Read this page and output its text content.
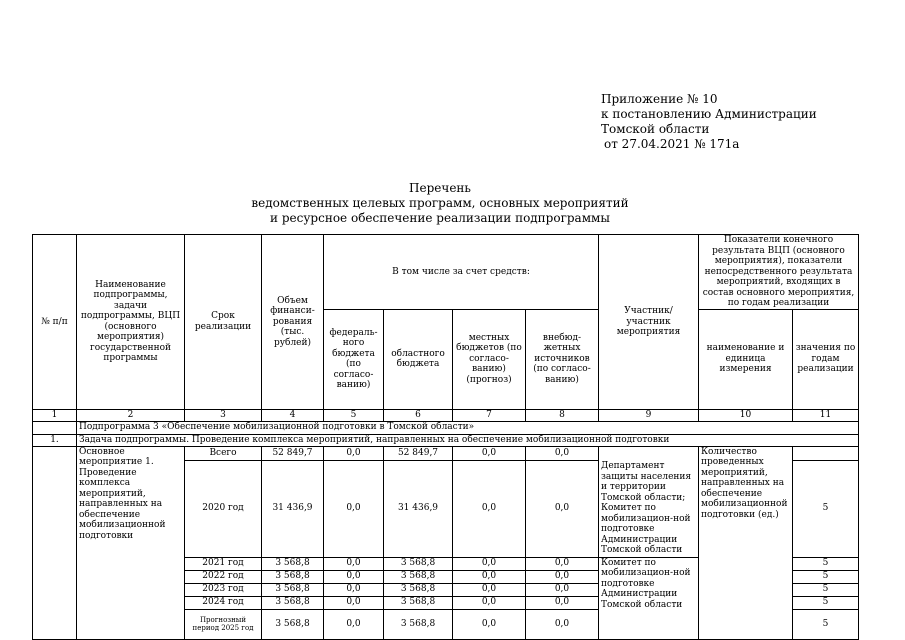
Приложение № 10
к постановлению Администрации
Томской области
от 27.04.2021 № 171а
Перечень
ведомственных целевых программ, основных мероприятий
и ресурсное обеспечение реализации подпрограммы
№ п/п	Наименование подпрограммы, задачи подпрограммы, ВЦП (основного мероприятия) государственной программы	Срок реализации	Объем финанси-рования (тыс. рублей)	В том числе за счет средств:				Участник/ участник мероприятия	Показатели конечного результата ВЦП (основного мероприятия), показатели непосредственного результата мероприятий, входящих в состав основного мероприятия, по годам реализации	
				федераль-ного бюджета (по согласо-ванию)	областного бюджета	местных бюджетов (по согласо-ванию) (прогноз)	внебюд-жетных источников (по согласо-ванию)		наименование и единица измерения	значения по годам реализации
1	2	3	4	5	6	7	8	9	10	11
	Подпрограмма 3 «Обеспечение мобилизационной подготовки в Томской области»									
1.	Задача подпрограммы. Проведение комплекса мероприятий, направленных на обеспечение мобилизационной подготовки									
	Основное мероприятие 1. Проведение комплекса мероприятий, направленных на обеспечение мобилизационной подготовки	Всего	52 849,7	0,0	52 849,7	0,0	0,0		Количество проведенных мероприятий, направленных на обеспечение мобилизационной подготовки (ед.)	
		2020 год	31 436,9	0,0	31 436,9	0,0	0,0	Департамент защиты населения и территории Томской области; Комитет по мобилизацион-ной подготовке Администрации Томской области		5
		2021 год	3 568,8	0,0	3 568,8	0,0	0,0	Комитет по мобилизацион-ной подготовке Администрации Томской области		5
		2022 год	3 568,8	0,0	3 568,8	0,0	0,0			5
		2023 год	3 568,8	0,0	3 568,8	0,0	0,0			5
		2024 год	3 568,8	0,0	3 568,8	0,0	0,0			5
		Прогнозный период 2025 год	3 568,8	0,0	3 568,8	0,0	0,0			5
